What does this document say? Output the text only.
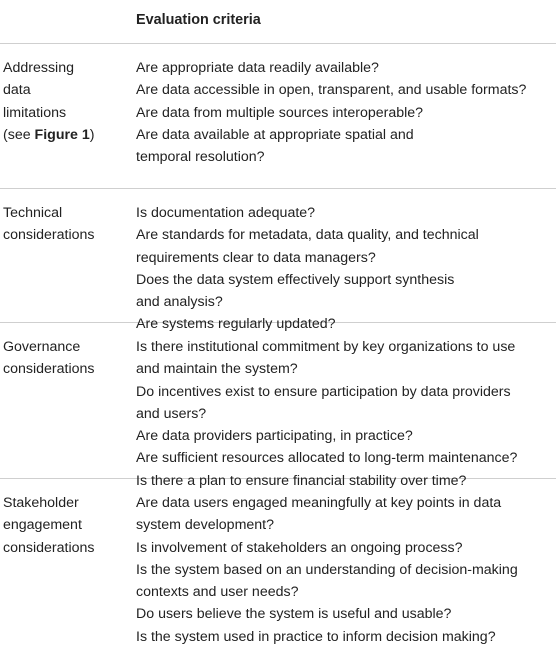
Evaluation criteria
Addressing
data
limitations
(see Figure 1)
Are appropriate data readily available?
Are data accessible in open, transparent, and usable formats?
Are data from multiple sources interoperable?
Are data available at appropriate spatial and
temporal resolution?
Technical
considerations
Is documentation adequate?
Are standards for metadata, data quality, and technical
requirements clear to data managers?
Does the data system effectively support synthesis
and analysis?
Are systems regularly updated?
Governance
considerations
Is there institutional commitment by key organizations to use
and maintain the system?
Do incentives exist to ensure participation by data providers
and users?
Are data providers participating, in practice?
Are sufficient resources allocated to long-term maintenance?
Is there a plan to ensure financial stability over time?
Stakeholder
engagement
considerations
Are data users engaged meaningfully at key points in data
system development?
Is involvement of stakeholders an ongoing process?
Is the system based on an understanding of decision-making
contexts and user needs?
Do users believe the system is useful and usable?
Is the system used in practice to inform decision making?
